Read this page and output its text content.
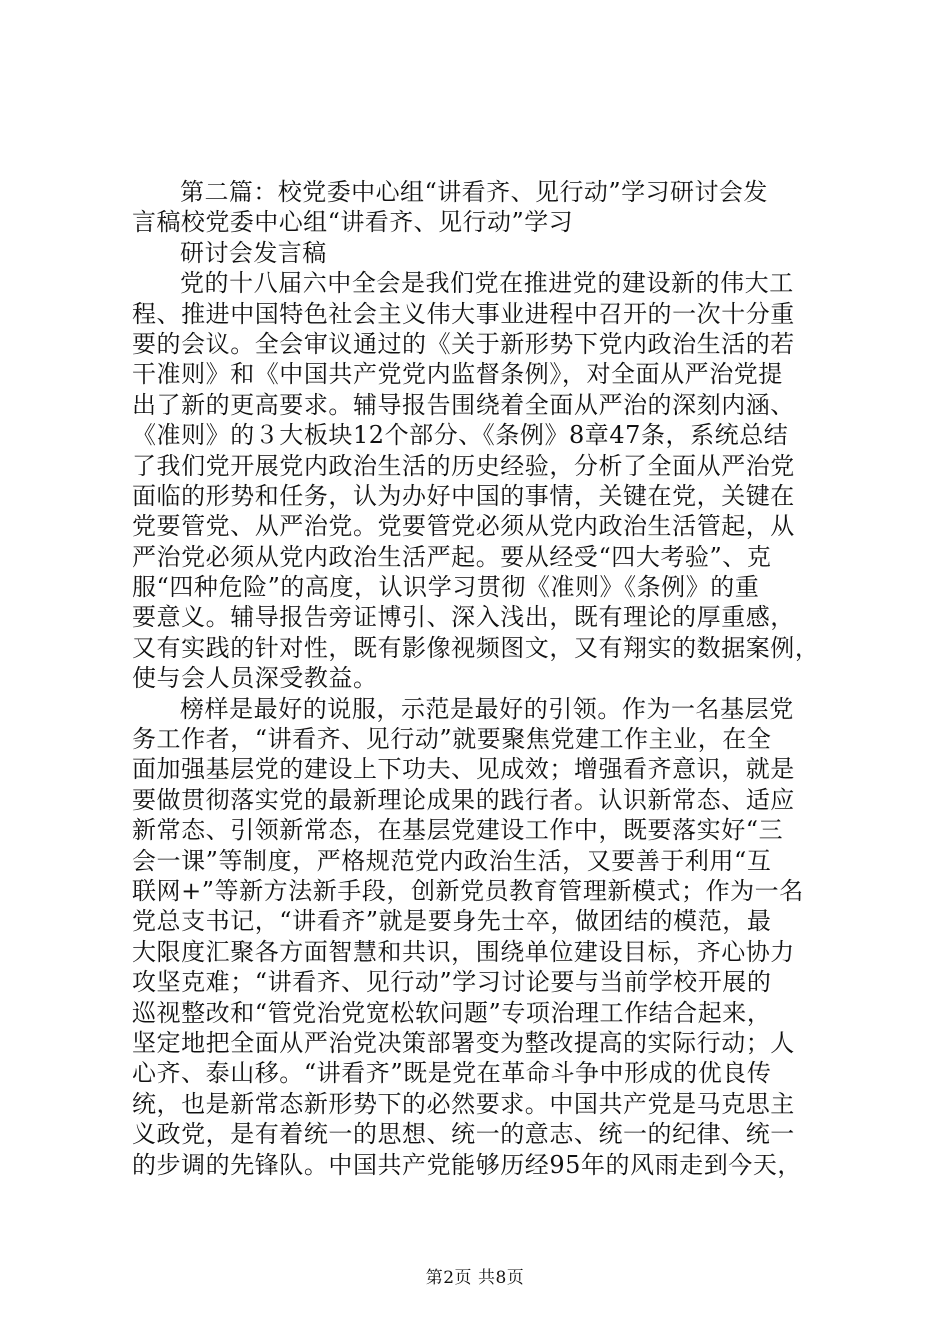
第二篇：校党委中心组“讲看齐、见行动”学习研讨会发
言稿校党委中心组“讲看齐、见行动”学习
研讨会发言稿
党的十八届六中全会是我们党在推进党的建设新的伟大工
程、推进中国特色社会主义伟大事业进程中召开的一次十分重
要的会议。全会审议通过的《关于新形势下党内政治生活的若
干准则》和《中国共产党党内监督条例》，对全面从严治党提
出了新的更高要求。辅导报告围绕着全面从严治的深刻内涵、
《准则》的３大板块12个部分、《条例》8章47条，系统总结
了我们党开展党内政治生活的历史经验，分析了全面从严治党
面临的形势和任务，认为办好中国的事情，关键在党，关键在
党要管党、从严治党。党要管党必须从党内政治生活管起，从
严治党必须从党内政治生活严起。要从经受“四大考验”、克
服“四种危险”的高度，认识学习贯彻《准则》《条例》的重
要意义。辅导报告旁证博引、深入浅出，既有理论的厚重感，
又有实践的针对性，既有影像视频图文，又有翔实的数据案例，
使与会人员深受教益。
榜样是最好的说服，示范是最好的引领。作为一名基层党
务工作者，“讲看齐、见行动”就要聚焦党建工作主业，在全
面加强基层党的建设上下功夫、见成效；增强看齐意识，就是
要做贯彻落实党的最新理论成果的践行者。认识新常态、适应
新常态、引领新常态，在基层党建设工作中，既要落实好“三
会一课”等制度，严格规范党内政治生活，又要善于利用“互
联网+”等新方法新手段，创新党员教育管理新模式；作为一名
党总支书记，“讲看齐”就是要身先士卒，做团结的模范，最
大限度汇聚各方面智慧和共识，围绕单位建设目标，齐心协力
攻坚克难；“讲看齐、见行动”学习讨论要与当前学校开展的
巡视整改和“管党治党宽松软问题”专项治理工作结合起来，
坚定地把全面从严治党决策部署变为整改提高的实际行动；人
心齐、泰山移。“讲看齐”既是党在革命斗争中形成的优良传
统，也是新常态新形势下的必然要求。中国共产党是马克思主
义政党，是有着统一的思想、统一的意志、统一的纪律、统一
的步调的先锋队。中国共产党能够历经95年的风雨走到今天，
第2页 共8页
